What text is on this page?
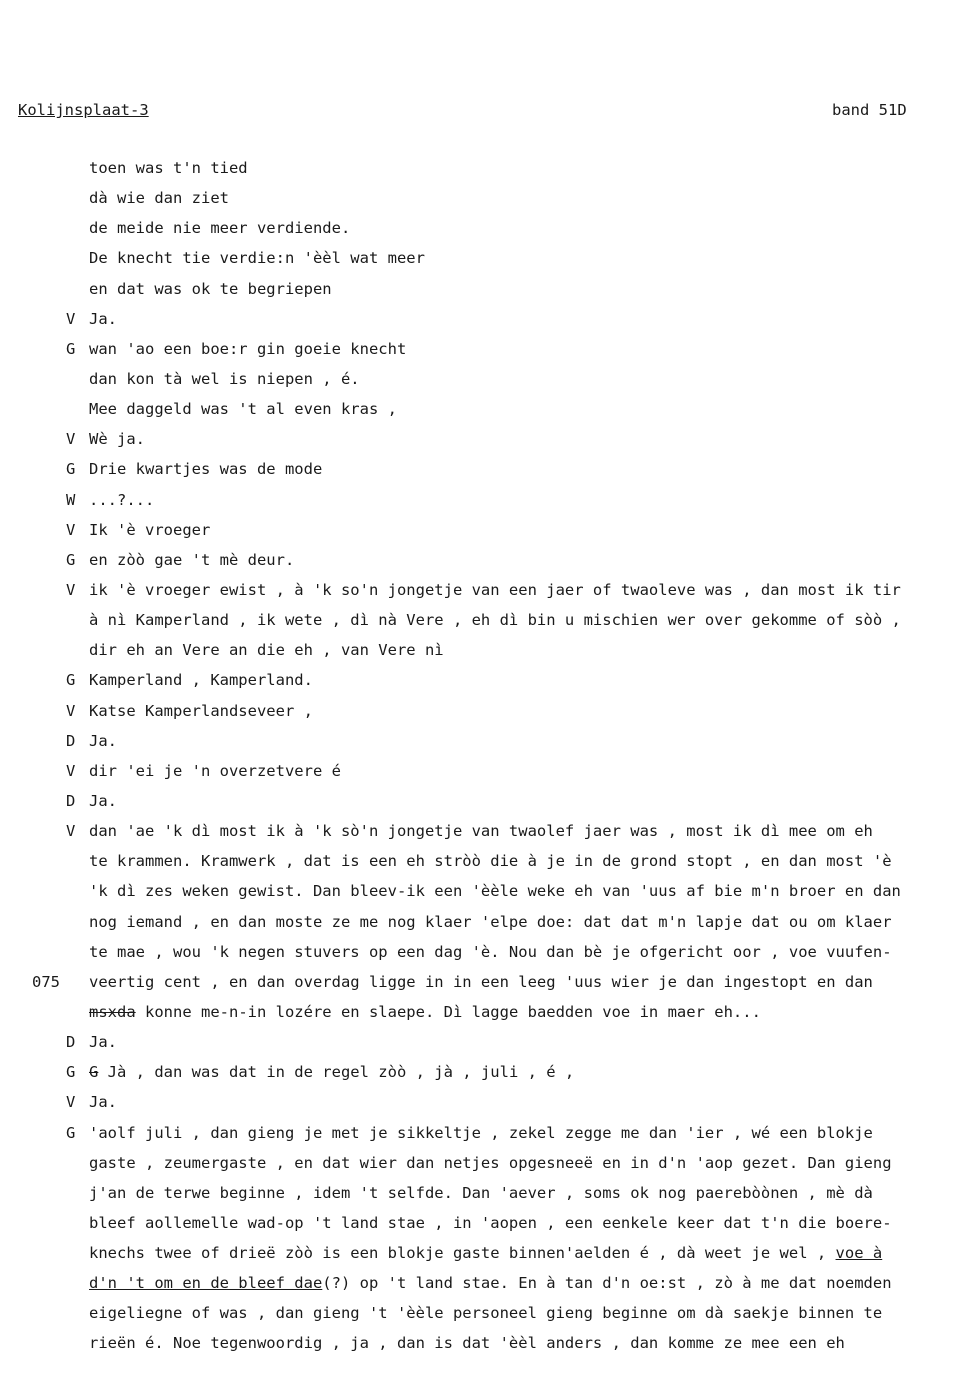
Kolijnsplaat-3	band 51D
toen was t'n tied
dà wie dan ziet
de meide nie meer verdiende.
De knecht tie verdie:n 'èèl wat meer
en dat was ok te begriepen
V Ja.
G wan 'ao een boe:r gin goeie knecht
dan kon tà wel is niepen , é.
Mee daggeld was 't al even kras ,
V Wè ja.
G Drie kwartjes was de mode
W ...?...
V Ik 'è vroeger
G en zòò gae 't mè deur.
V ik 'è vroeger ewist , à 'k so'n jongetje van een jaer of twaoleve was , dan most ik tir
à nì Kamperland , ik wete , dì nà Vere , eh dì bin u mischien wer over gekomme of sòò ,
dir eh an Vere an die eh , van Vere nì
G Kamperland , Kamperland.
V Katse Kamperlandseveer ,
D Ja.
V dir 'ei je 'n overzetvere é
D Ja.
V dan 'ae 'k dì most ik à 'k sò'n jongetje van twaolef jaer was , most ik dì mee om eh
te krammen. Kramwerk , dat is een eh stròò die à je in de grond stopt , en dan most 'è
'k dì zes weken gewist. Dan bleev-ik een 'èèle weke eh van 'uus af bie m'n broer en dan
nog iemand , en dan moste ze me nog klaer 'elpe doe: dat dat m'n lapje dat ou om klaer
te mae , wou 'k negen stuvers op een dag 'è. Nou dan bè je ofgericht oor , voe vuufen-
075 veertig cent , en dan overdag ligge in in een leeg 'uus wier je dan ingestopt en dan
msxda konne me-n-in lozére en slaepe. Dì lagge baedden voe in maer eh...
D Ja.
G G Jà , dan was dat in de regel zòò , jà , juli , é ,
V Ja.
G 'aolf juli , dan gieng je met je sikkeltje , zekel zegge me dan 'ier , wé een blokje
gaste , zeumergaste , en dat wier dan netjes opgesneeë en in d'n 'aop gezet. Dan gieng
j'an de terwe beginne , idem 't selfde. Dan 'aever , soms ok nog paerebòònen , mè dà
bleef aollemelle wad-op 't land stae , in 'aopen , een eenkele keer dat t'n die boere-
knechs twee of drieë zòò is een blokje gaste binnen'aelden é , dà weet je wel , voe à
d'n 't om en de bleef dae(?) op 't land stae. En à tan d'n oe:st , zò à me dat noemden
eigeliegne of was , dan gieng 't 'èèle personeel gieng beginne om dà saekje binnen te
rieën é. Noe tegenwoordig , ja , dan is dat 'èèl anders , dan komme ze mee een eh
